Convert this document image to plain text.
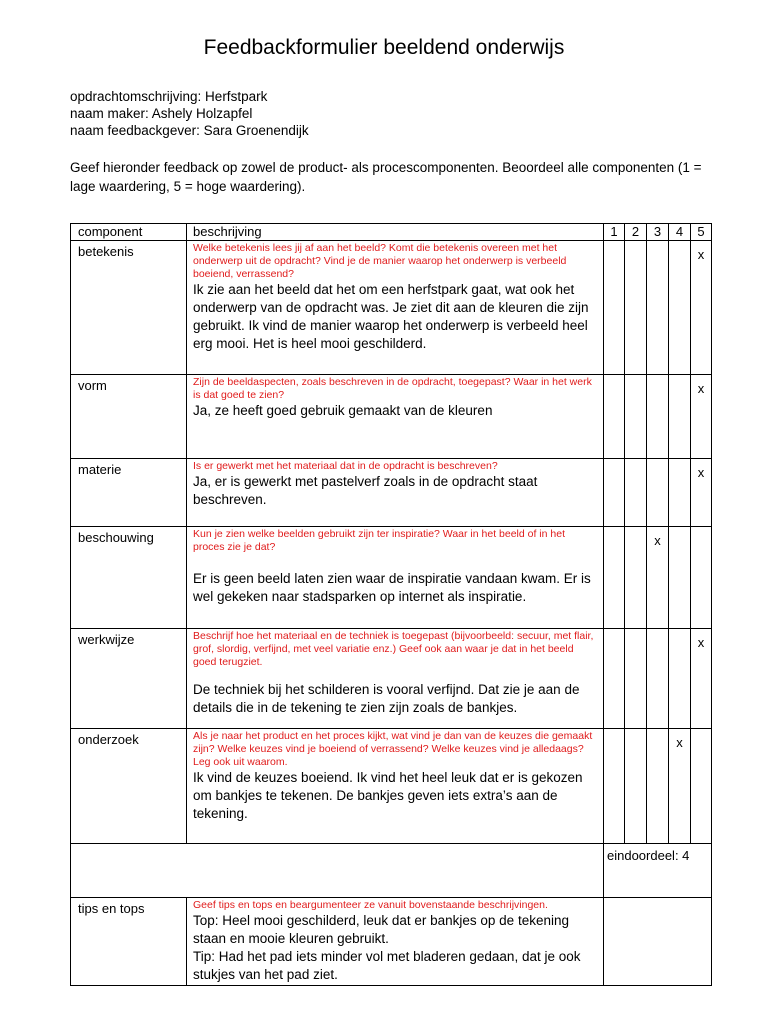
Feedbackformulier beeldend onderwijs
opdrachtomschrijving: Herfstpark
naam maker: Ashely Holzapfel
naam feedbackgever: Sara Groenendijk
Geef hieronder feedback op zowel de product- als procescomponenten. Beoordeel alle componenten (1 = lage waardering, 5 = hoge waardering).
component	beschrijving	1	2	3	4	5
betekenis	Welke betekenis lees jij af aan het beeld? Komt die betekenis overeen met het onderwerp uit de opdracht? Vind je de manier waarop het onderwerp is verbeeld boeiend, verrassend?
Ik zie aan het beeld dat het om een herfstpark gaat, wat ook het onderwerp van de opdracht was. Je ziet dit aan de kleuren die zijn gebruikt. Ik vind de manier waarop het onderwerp is verbeeld heel erg mooi. Het is heel mooi geschilderd.					x
vorm	Zijn de beeldaspecten, zoals beschreven in de opdracht, toegepast? Waar in het werk is dat goed te zien?
Ja, ze heeft goed gebruik gemaakt van de kleuren					x
materie	Is er gewerkt met het materiaal dat in de opdracht is beschreven?
Ja, er is gewerkt met pastelverf zoals in de opdracht staat beschreven.					x
beschouwing	Kun je zien welke beelden gebruikt zijn ter inspiratie? Waar in het beeld of in het proces zie je dat?
Er is geen beeld laten zien waar de inspiratie vandaan kwam. Er is wel gekeken naar stadsparken op internet als inspiratie.			x		
werkwijze	Beschrijf hoe het materiaal en de techniek is toegepast (bijvoorbeeld: secuur, met flair, grof, slordig, verfijnd, met veel variatie enz.) Geef ook aan waar je dat in het beeld goed terugziet.
De techniek bij het schilderen is vooral verfijnd. Dat zie je aan de details die in de tekening te zien zijn zoals de bankjes.					x
onderzoek	Als je naar het product en het proces kijkt, wat vind je dan van de keuzes die gemaakt zijn? Welke keuzes vind je boeiend of verrassend? Welke keuzes vind je alledaags? Leg ook uit waarom.
Ik vind de keuzes boeiend. Ik vind het heel leuk dat er is gekozen om bankjes te tekenen. De bankjes geven iets extra’s aan de tekening.				x	
		eindoordeel: 4				
tips en tops	Geef tips en tops en beargumenteer ze vanuit bovenstaande beschrijvingen.
Top: Heel mooi geschilderd, leuk dat er bankjes op de tekening staan en mooie kleuren gebruikt.
Tip: Had het pad iets minder vol met bladeren gedaan, dat je ook stukjes van het pad ziet.					
